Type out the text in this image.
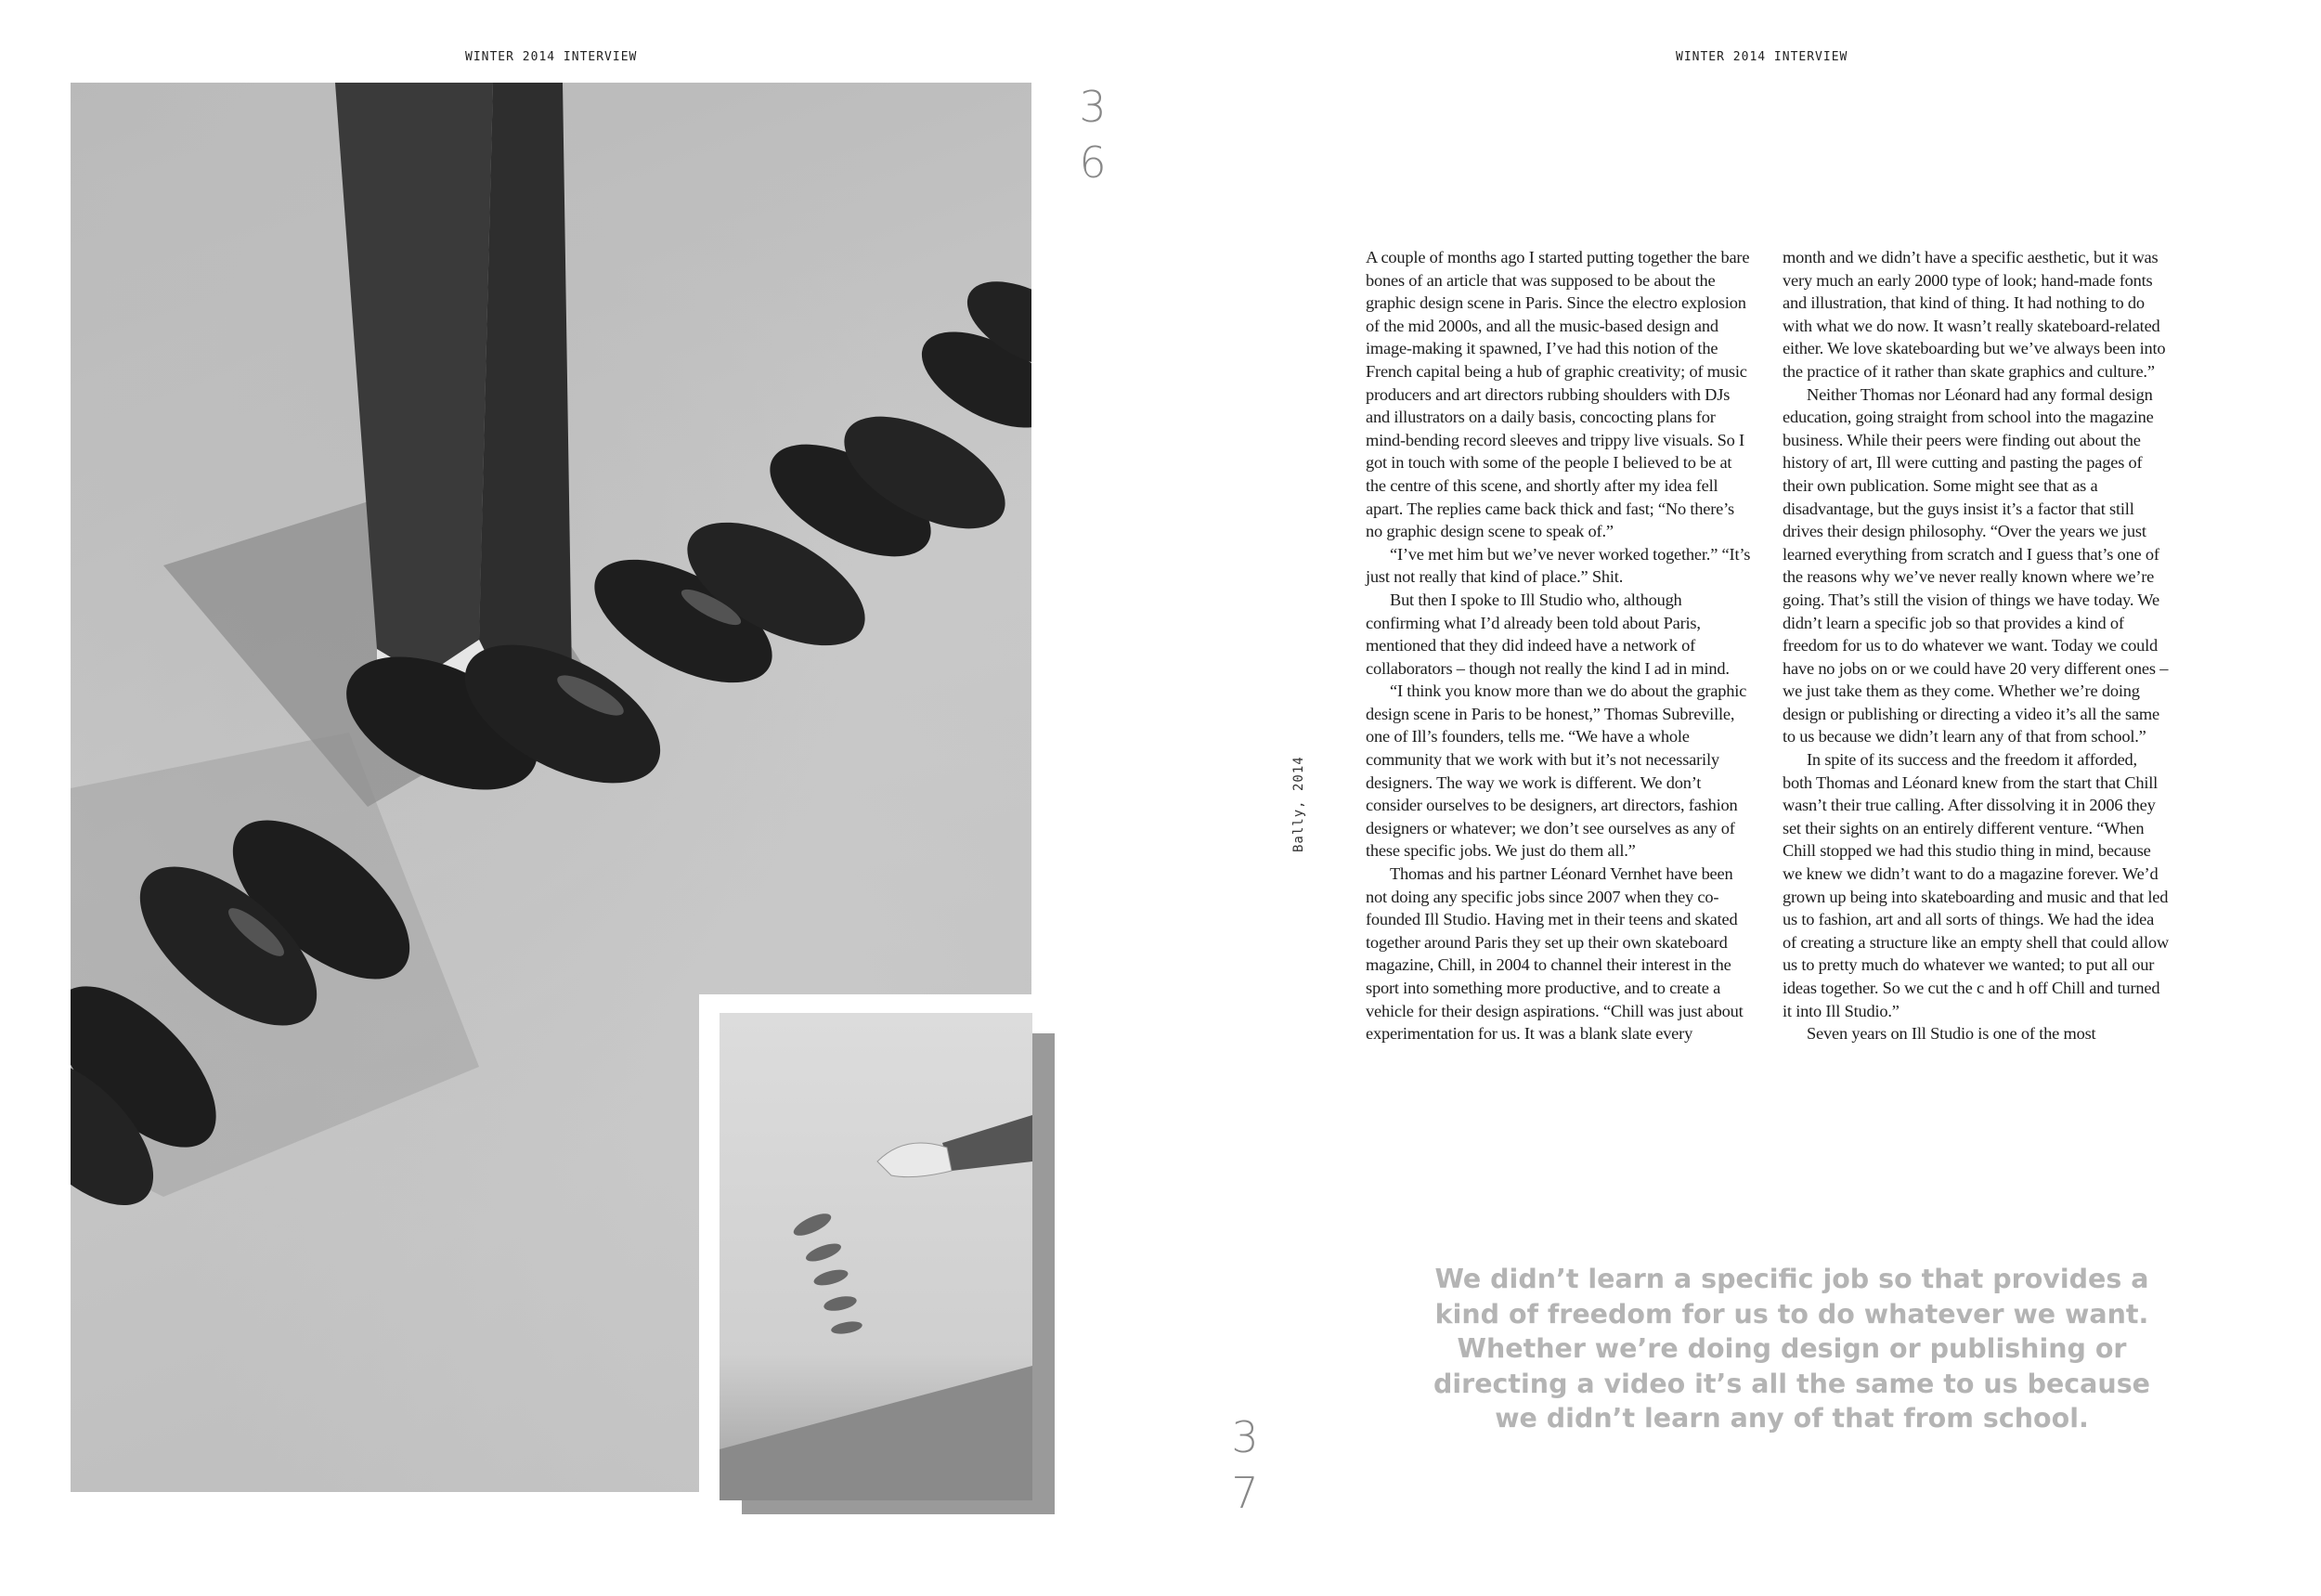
WINTER 2014 INTERVIEW
3
6
WINTER 2014 INTERVIEW
Bally, 2014
3
7

A couple of months ago I started putting together the bare bones of an article that was supposed to be about the graphic design scene in Paris. Since the electro explosion of the mid 2000s, and all the music-based design and image-making it spawned, I’ve had this notion of the French capital being a hub of graphic creativity; of music producers and art directors rubbing shoulders with DJs and illustrators on a daily basis, concocting plans for mind-bending record sleeves and trippy live visuals. So I got in touch with some of the people I believed to be at the centre of this scene, and shortly after my idea fell apart. The replies came back thick and fast; “No there’s no graphic design scene to speak of.”

“I’ve met him but we’ve never worked together.” “It’s just not really that kind of place.” Shit.

But then I spoke to Ill Studio who, although confirming what I’d already been told about Paris, mentioned that they did indeed have a network of collaborators – though not really the kind I ad in mind.

“I think you know more than we do about the graphic design scene in Paris to be honest,” Thomas Subreville, one of Ill’s founders, tells me. “We have a whole community that we work with but it’s not necessarily designers. The way we work is different. We don’t consider ourselves to be designers, art directors, fashion designers or whatever; we don’t see ourselves as any of these specific jobs. We just do them all.”

Thomas and his partner Léonard Vernhet have been not doing any specific jobs since 2007 when they co-founded Ill Studio. Having met in their teens and skated together around Paris they set up their own skateboard magazine, Chill, in 2004 to channel their interest in the sport into something more productive, and to create a vehicle for their design aspirations. “Chill was just about experimentation for us. It was a blank slate every

month and we didn’t have a specific aesthetic, but it was very much an early 2000 type of look; hand-made fonts and illustration, that kind of thing. It had nothing to do with what we do now. It wasn’t really skateboard-related either. We love skateboarding but we’ve always been into the practice of it rather than skate graphics and culture.”

Neither Thomas nor Léonard had any formal design education, going straight from school into the magazine business. While their peers were finding out about the history of art, Ill were cutting and pasting the pages of their own publication. Some might see that as a disadvantage, but the guys insist it’s a factor that still drives their design philosophy. “Over the years we just learned everything from scratch and I guess that’s one of the reasons why we’ve never really known where we’re going. That’s still the vision of things we have today. We didn’t learn a specific job so that provides a kind of freedom for us to do whatever we want. Today we could have no jobs on or we could have 20 very different ones – we just take them as they come. Whether we’re doing design or publishing or directing a video it’s all the same to us because we didn’t learn any of that from school.”

In spite of its success and the freedom it afforded, both Thomas and Léonard knew from the start that Chill wasn’t their true calling. After dissolving it in 2006 they set their sights on an entirely different venture. “When Chill stopped we had this studio thing in mind, because we knew we didn’t want to do a magazine forever. We’d grown up being into skateboarding and music and that led us to fashion, art and all sorts of things. We had the idea of creating a structure like an empty shell that could allow us to pretty much do whatever we wanted; to put all our ideas together. So we cut the c and h off Chill and turned it into Ill Studio.”

Seven years on Ill Studio is one of the most

We didn’t learn a specific job so that provides a kind of freedom for us to do whatever we want. Whether we’re doing design or publishing or directing a video it’s all the same to us because we didn’t learn any of that from school.
